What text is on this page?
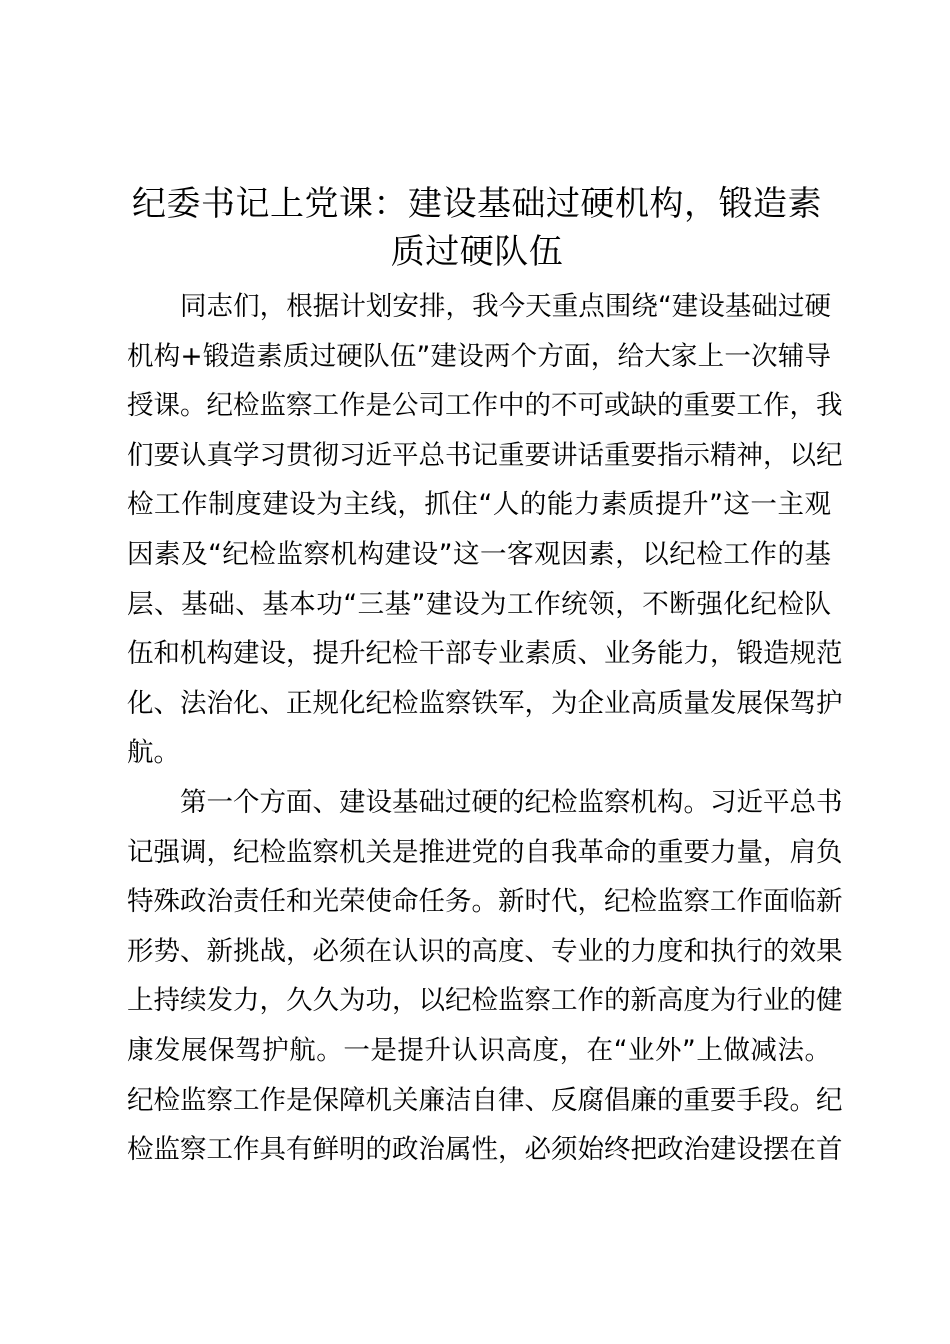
纪委书记上党课：建设基础过硬机构，锻造素
质过硬队伍
同志们，根据计划安排，我今天重点围绕“建设基础过硬
机构+锻造素质过硬队伍”建设两个方面，给大家上一次辅导
授课。纪检监察工作是公司工作中的不可或缺的重要工作，我
们要认真学习贯彻习近平总书记重要讲话重要指示精神，以纪
检工作制度建设为主线，抓住“人的能力素质提升”这一主观
因素及“纪检监察机构建设”这一客观因素，以纪检工作的基
层、基础、基本功“三基”建设为工作统领，不断强化纪检队
伍和机构建设，提升纪检干部专业素质、业务能力，锻造规范
化、法治化、正规化纪检监察铁军，为企业高质量发展保驾护
航。
第一个方面、建设基础过硬的纪检监察机构。习近平总书
记强调，纪检监察机关是推进党的自我革命的重要力量，肩负
特殊政治责任和光荣使命任务。新时代，纪检监察工作面临新
形势、新挑战，必须在认识的高度、专业的力度和执行的效果
上持续发力，久久为功，以纪检监察工作的新高度为行业的健
康发展保驾护航。一是提升认识高度，在“业外”上做减法。
纪检监察工作是保障机关廉洁自律、反腐倡廉的重要手段。纪
检监察工作具有鲜明的政治属性，必须始终把政治建设摆在首
